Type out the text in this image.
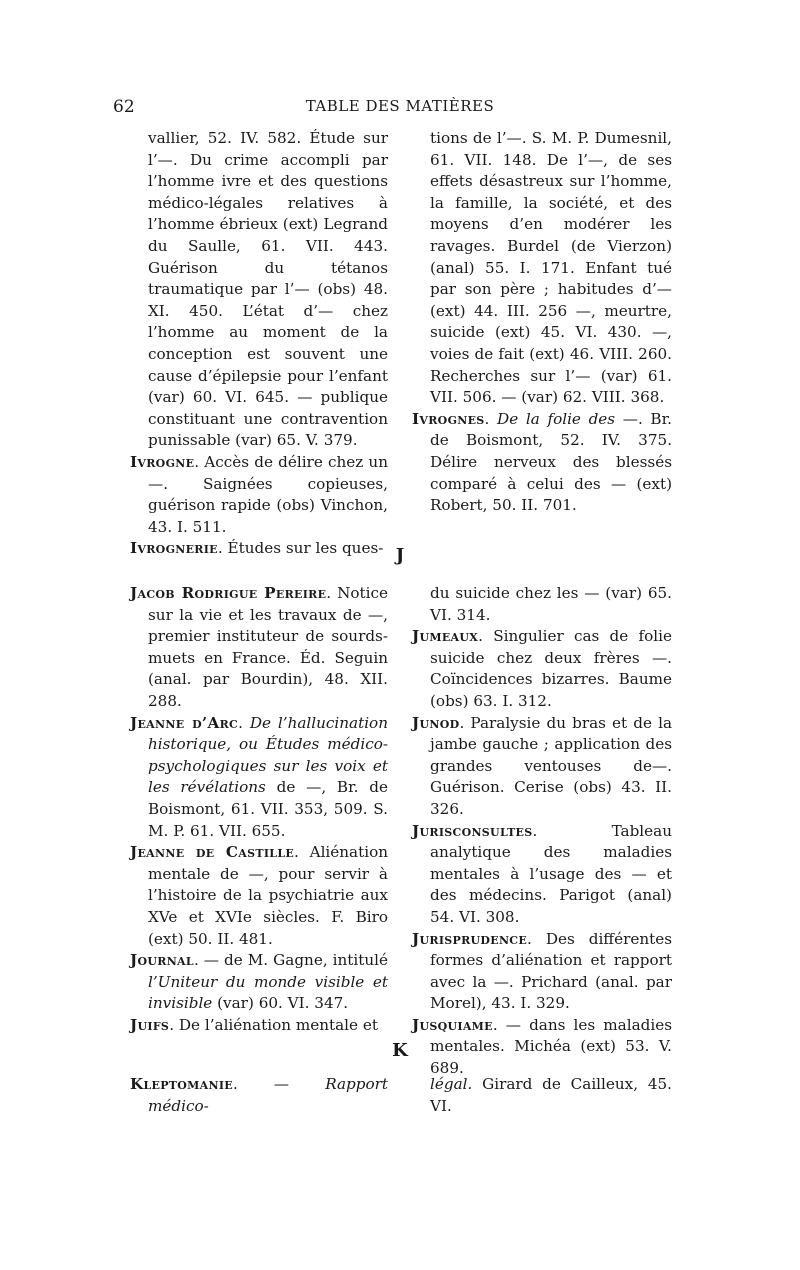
62	TABLE DES MATIÈRES

vallier, 52. IV. 582. Étude sur l’—. Du crime accompli par l’homme ivre et des questions médico-légales relatives à l’homme ébrieux (ext) Legrand du Saulle, 61. VII. 443. Guérison du tétanos traumatique par l’— (obs) 48. XI. 450. L’état d’— chez l’homme au moment de la conception est souvent une cause d’épilepsie pour l’enfant (var) 60. VI. 645. — publique constituant une contravention punissable (var) 65. V. 379.

Ivrogne. Accès de délire chez un —. Saignées copieuses, guérison rapide (obs) Vinchon, 43. I. 511.

Ivrognerie. Études sur les ques-

tions de l’—. S. M. P. Dumesnil, 61. VII. 148. De l’—, de ses effets désastreux sur l’homme, la famille, la société, et des moyens d’en modérer les ravages. Burdel (de Vierzon) (anal) 55. I. 171. Enfant tué par son père ; habitudes d’— (ext) 44. III. 256 —, meurtre, suicide (ext) 45. VI. 430. —, voies de fait (ext) 46. VIII. 260. Recherches sur l’— (var) 61. VII. 506. — (var) 62. VIII. 368.

Ivrognes. De la folie des —. Br. de Boismont, 52. IV. 375. Délire nerveux des blessés comparé à celui des — (ext) Robert, 50. II. 701.

J

Jacob Rodrigue Pereire. Notice sur la vie et les travaux de —, premier instituteur de sourds-muets en France. Éd. Seguin (anal. par Bourdin), 48. XII. 288.

Jeanne d’Arc. De l’hallucination historique, ou Études médico-psychologiques sur les voix et les révélations de —, Br. de Boismont, 61. VII. 353, 509. S. M. P. 61. VII. 655.

Jeanne de Castille. Aliénation mentale de —, pour servir à l’histoire de la psychiatrie aux XVe et XVIe siècles. F. Biro (ext) 50. II. 481.

Journal. — de M. Gagne, intitulé l’Uniteur du monde visible et invisible (var) 60. VI. 347.

Juifs. De l’aliénation mentale et

du suicide chez les — (var) 65. VI. 314.

Jumeaux. Singulier cas de folie suicide chez deux frères —. Coïncidences bizarres. Baume (obs) 63. I. 312.

Junod. Paralysie du bras et de la jambe gauche ; application des grandes ventouses de—. Guérison. Cerise (obs) 43. II. 326.

Jurisconsultes. Tableau analytique des maladies mentales à l’usage des — et des médecins. Parigot (anal) 54. VI. 308.

Jurisprudence. Des différentes formes d’aliénation et rapport avec la —. Prichard (anal. par Morel), 43. I. 329.

Jusquiame. — dans les maladies mentales. Michéa (ext) 53. V. 689.

K

Kleptomanie. — Rapport médico-

légal. Girard de Cailleux, 45. VI.
